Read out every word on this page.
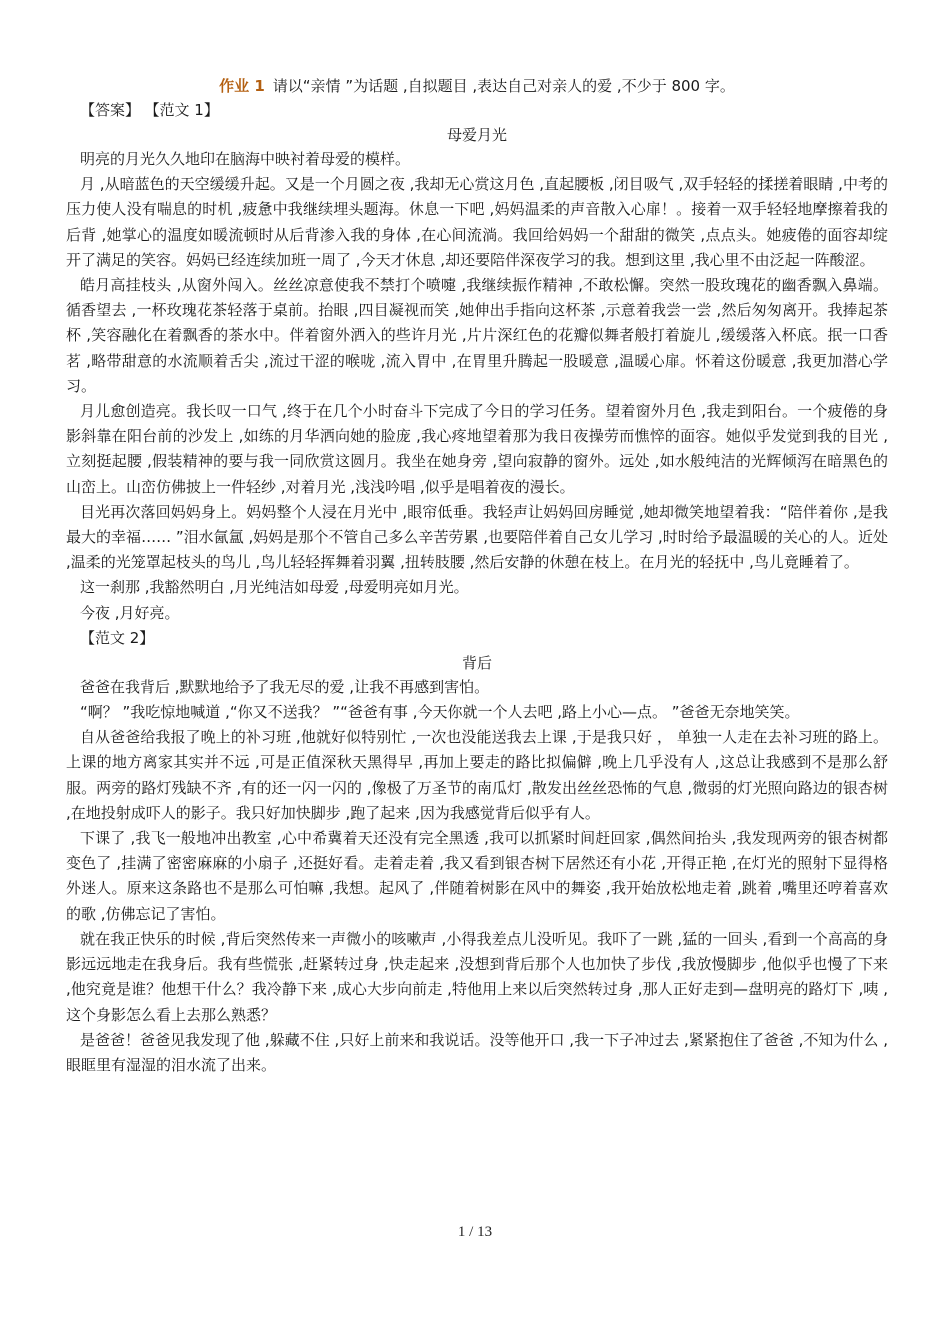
作业 1 请以“亲情 ”为话题 ,自拟题目 ,表达自己对亲人的爱 ,不少于 800 字。

【答案】 【范文 1】

母爱月光

明亮的月光久久地印在脑海中映衬着母爱的模样。

月 ,从暗蓝色的天空缓缓升起。又是一个月圆之夜 ,我却无心赏这月色 ,直起腰板 ,闭目吸气 ,双手轻轻的揉搓着眼睛 ,中考的压力使人没有喘息的时机 ,疲惫中我继续埋头题海。休息一下吧 ,妈妈温柔的声音散入心扉！。接着一双手轻轻地摩擦着我的后背 ,她掌心的温度如暖流顿时从后背渗入我的身体 ,在心间流淌。我回给妈妈一个甜甜的微笑 ,点点头。她疲倦的面容却绽开了满足的笑容。妈妈已经连续加班一周了 ,今天才休息 ,却还要陪伴深夜学习的我。想到这里 ,我心里不由泛起一阵酸涩。

皓月高挂枝头 ,从窗外闯入。丝丝凉意使我不禁打个喷嚏 ,我继续振作精神 ,不敢松懈。突然一股玫瑰花的幽香飘入鼻端。循香望去 ,一杯玫瑰花茶轻落于桌前。抬眼 ,四目凝视而笑 ,她伸出手指向这杯茶 ,示意着我尝一尝 ,然后匆匆离开。我捧起茶杯 ,笑容融化在着飘香的茶水中。伴着窗外洒入的些许月光 ,片片深红色的花瓣似舞者般打着旋儿 ,缓缓落入杯底。抿一口香茗 ,略带甜意的水流顺着舌尖 ,流过干涩的喉咙 ,流入胃中 ,在胃里升腾起一股暖意 ,温暖心扉。怀着这份暖意 ,我更加潜心学习。

月儿愈创造亮。我长叹一口气 ,终于在几个小时奋斗下完成了今日的学习任务。望着窗外月色 ,我走到阳台。一个疲倦的身影斜靠在阳台前的沙发上 ,如练的月华洒向她的脸庞 ,我心疼地望着那为我日夜操劳而憔悴的面容。她似乎发觉到我的目光 ,立刻挺起腰 ,假装精神的要与我一同欣赏这圆月。我坐在她身旁 ,望向寂静的窗外。远处 ,如水般纯洁的光辉倾泻在暗黑色的山峦上。山峦仿佛披上一件轻纱 ,对着月光 ,浅浅吟唱 ,似乎是唱着夜的漫长。

目光再次落回妈妈身上。妈妈整个人浸在月光中 ,眼帘低垂。我轻声让妈妈回房睡觉 ,她却微笑地望着我：“陪伴着你 ,是我最大的幸福…… ”泪水氤氲 ,妈妈是那个不管自己多么辛苦劳累 ,也要陪伴着自己女儿学习 ,时时给予最温暖的关心的人。近处 ,温柔的光笼罩起枝头的鸟儿 ,鸟儿轻轻挥舞着羽翼 ,扭转肢腰 ,然后安静的休憩在枝上。在月光的轻抚中 ,鸟儿竟睡着了。

这一刹那 ,我豁然明白 ,月光纯洁如母爱 ,母爱明亮如月光。

今夜 ,月好亮。

【范文 2】

背后

爸爸在我背后 ,默默地给予了我无尽的爱 ,让我不再感到害怕。

“啊？ ”我吃惊地喊道 ,“你又不送我？ ”“爸爸有事 ,今天你就一个人去吧 ,路上小心—点。 ”爸爸无奈地笑笑。

自从爸爸给我报了晚上的补习班 ,他就好似特别忙 ,一次也没能送我去上课 ,于是我只好 ， 单独一人走在去补习班的路上。上课的地方离家其实并不远 ,可是正值深秋天黑得早 ,再加上要走的路比拟偏僻 ,晚上几乎没有人 ,这总让我感到不是那么舒服。两旁的路灯残缺不齐 ,有的还一闪一闪的 ,像极了万圣节的南瓜灯 ,散发出丝丝恐怖的气息 ,微弱的灯光照向路边的银杏树 ,在地投射成吓人的影子。我只好加快脚步 ,跑了起来 ,因为我感觉背后似乎有人。

下课了 ,我飞一般地冲出教室 ,心中希冀着天还没有完全黑透 ,我可以抓紧时间赶回家 ,偶然间抬头 ,我发现两旁的银杏树都变色了 ,挂满了密密麻麻的小扇子 ,还挺好看。走着走着 ,我又看到银杏树下居然还有小花 ,开得正艳 ,在灯光的照射下显得格外迷人。原来这条路也不是那么可怕嘛 ,我想。起风了 ,伴随着树影在风中的舞姿 ,我开始放松地走着 ,跳着 ,嘴里还哼着喜欢的歌 ,仿佛忘记了害怕。

就在我正快乐的时候 ,背后突然传来一声微小的咳嗽声 ,小得我差点儿没听见。我吓了一跳 ,猛的一回头 ,看到一个高高的身影远远地走在我身后。我有些慌张 ,赶紧转过身 ,快走起来 ,没想到背后那个人也加快了步伐 ,我放慢脚步 ,他似乎也慢了下来 ,他究竟是谁？他想干什么？我冷静下来 ,成心大步向前走 ,特他用上来以后突然转过身 ,那人正好走到—盘明亮的路灯下 ,咦 ,这个身影怎么看上去那么熟悉？

是爸爸！爸爸见我发现了他 ,躲藏不住 ,只好上前来和我说话。没等他开口 ,我一下子冲过去 ,紧紧抱住了爸爸 ,不知为什么 ,眼眶里有湿湿的泪水流了出来。

1 / 13
